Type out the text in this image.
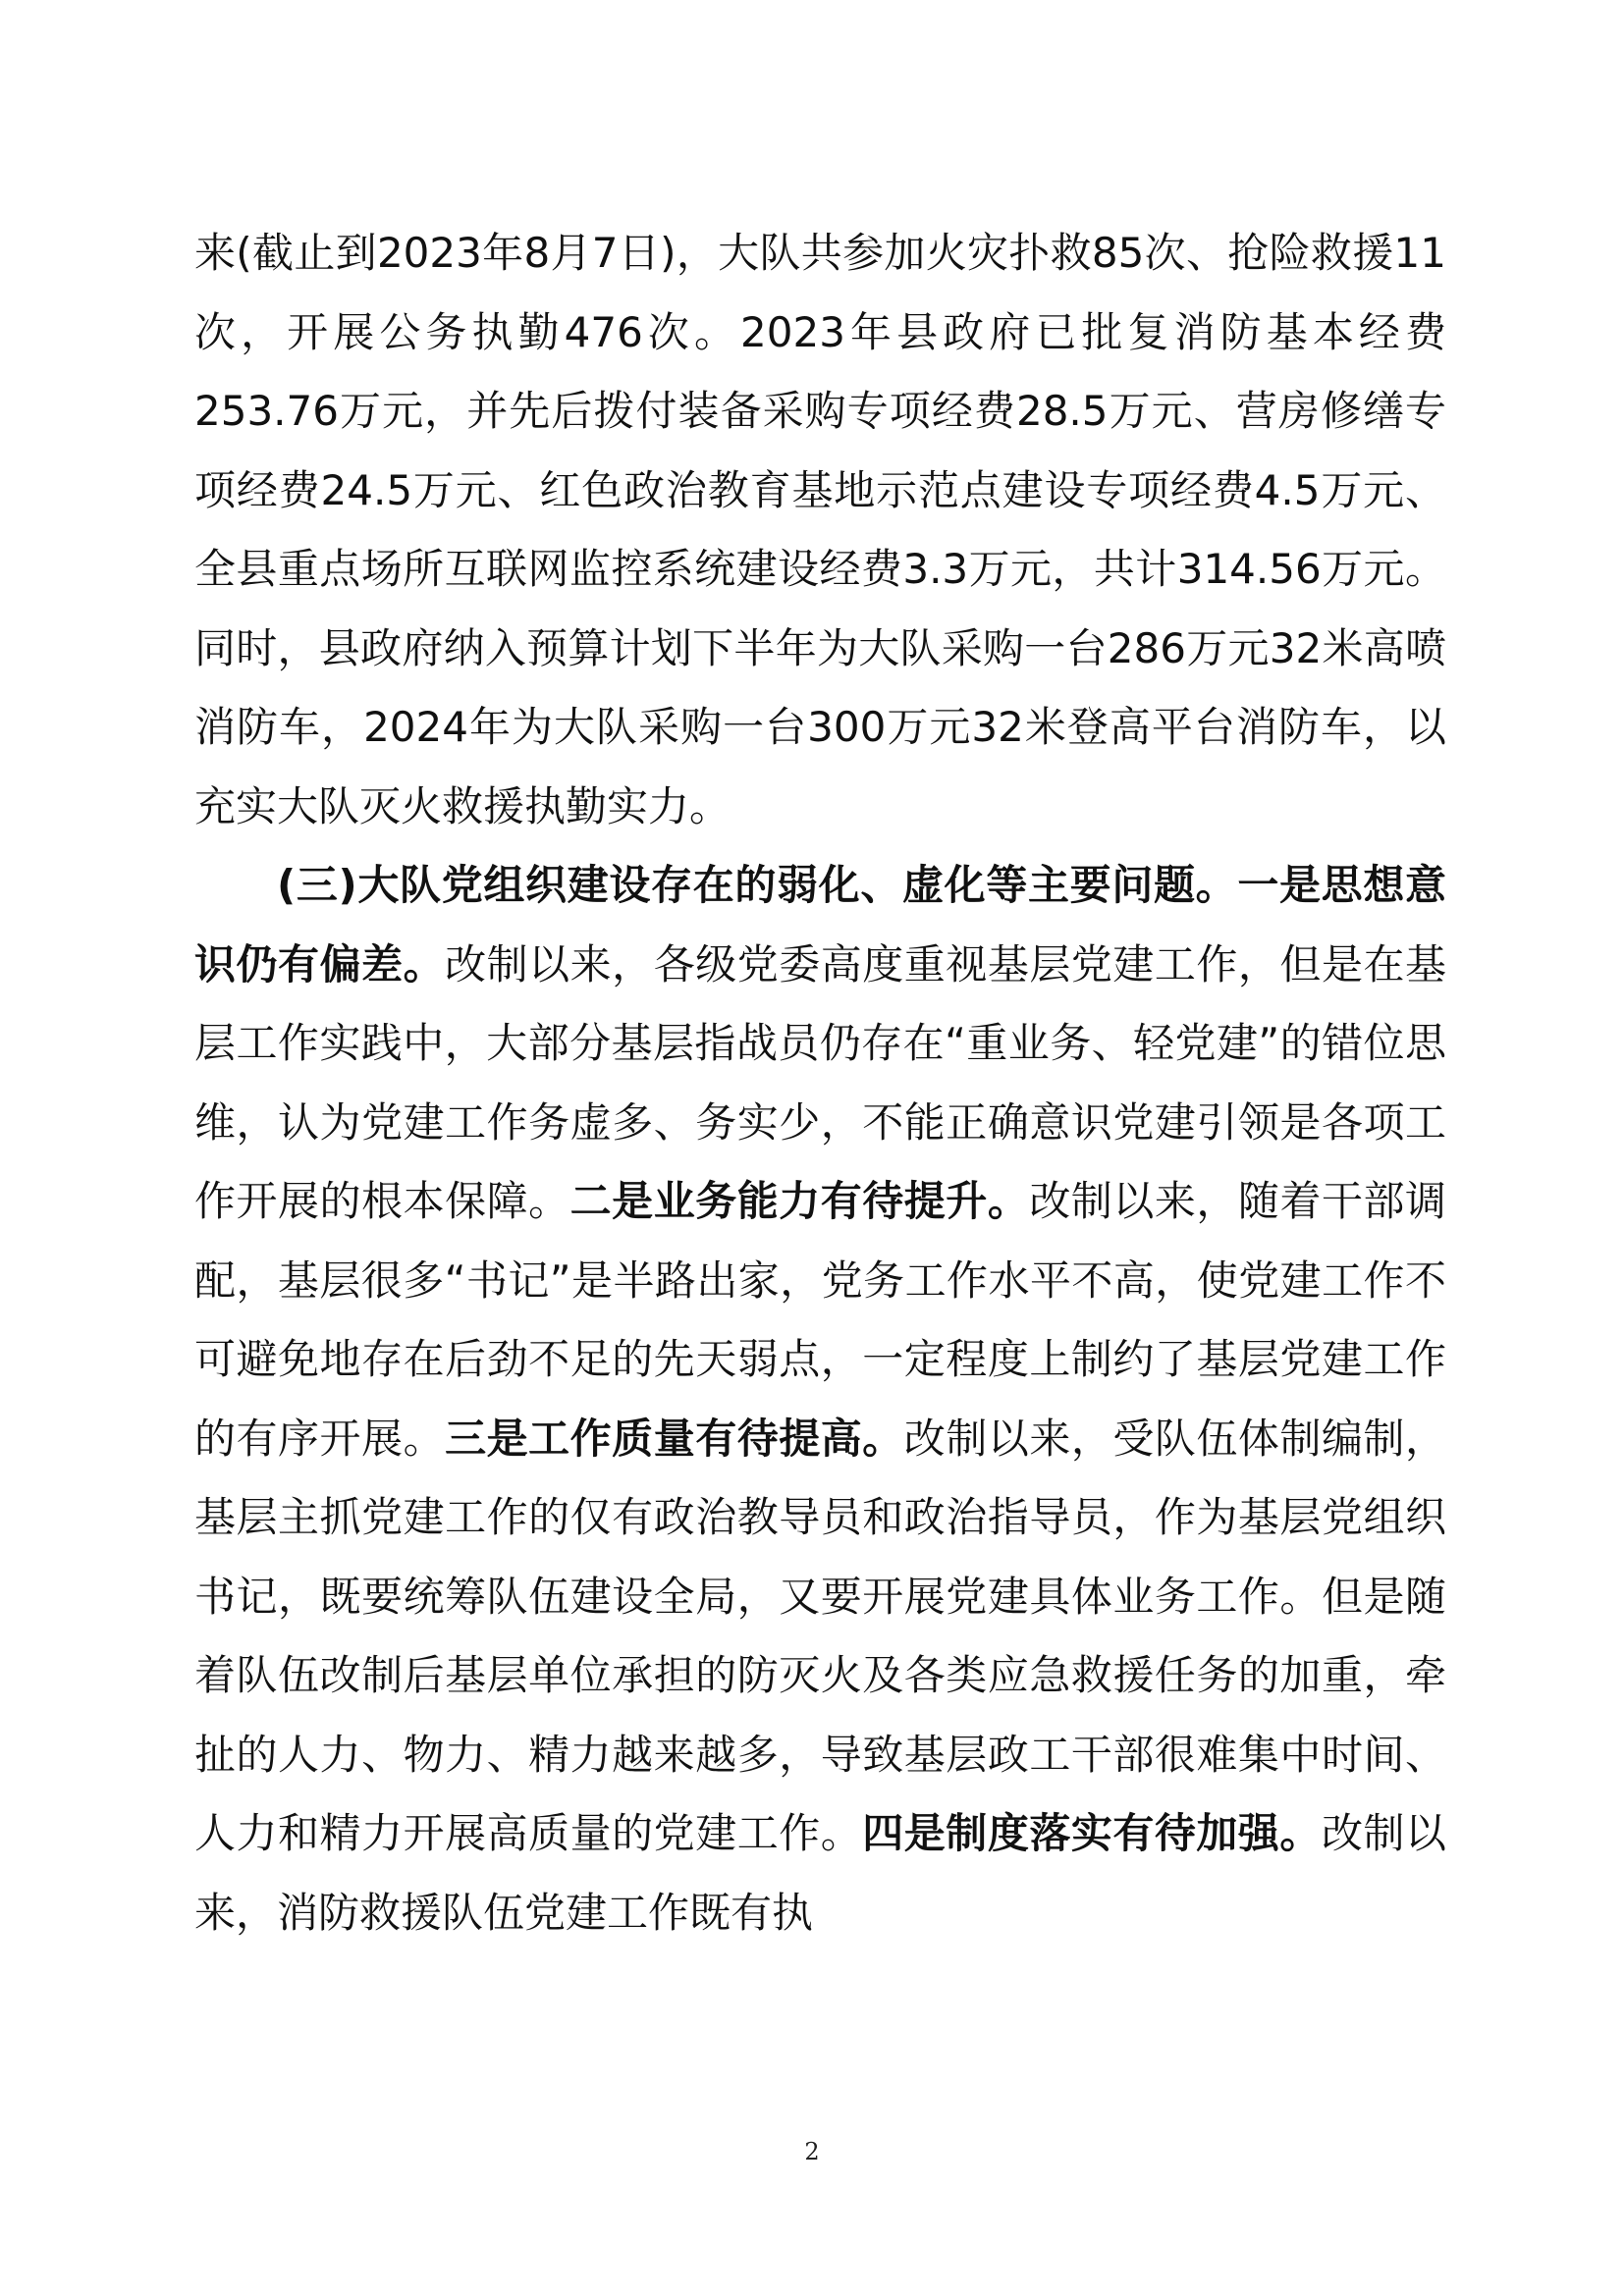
来(截止到2023年8月7日)，大队共参加火灾扑救85次、抢险救援11次，开展公务执勤476次。2023年县政府已批复消防基本经费253.76万元，并先后拨付装备采购专项经费28.5万元、营房修缮专项经费24.5万元、红色政治教育基地示范点建设专项经费4.5万元、全县重点场所互联网监控系统建设经费3.3万元，共计314.56万元。同时，县政府纳入预算计划下半年为大队采购一台286万元32米高喷消防车，2024年为大队采购一台300万元32米登高平台消防车，以充实大队灭火救援执勤实力。

(三)大队党组织建设存在的弱化、虚化等主要问题。一是思想意识仍有偏差。改制以来，各级党委高度重视基层党建工作，但是在基层工作实践中，大部分基层指战员仍存在“重业务、轻党建”的错位思维，认为党建工作务虚多、务实少，不能正确意识党建引领是各项工作开展的根本保障。二是业务能力有待提升。改制以来，随着干部调配，基层很多“书记”是半路出家，党务工作水平不高，使党建工作不可避免地存在后劲不足的先天弱点，一定程度上制约了基层党建工作的有序开展。三是工作质量有待提高。改制以来，受队伍体制编制，基层主抓党建工作的仅有政治教导员和政治指导员，作为基层党组织书记，既要统筹队伍建设全局，又要开展党建具体业务工作。但是随着队伍改制后基层单位承担的防灭火及各类应急救援任务的加重，牵扯的人力、物力、精力越来越多，导致基层政工干部很难集中时间、人力和精力开展高质量的党建工作。四是制度落实有待加强。改制以来，消防救援队伍党建工作既有执

2
